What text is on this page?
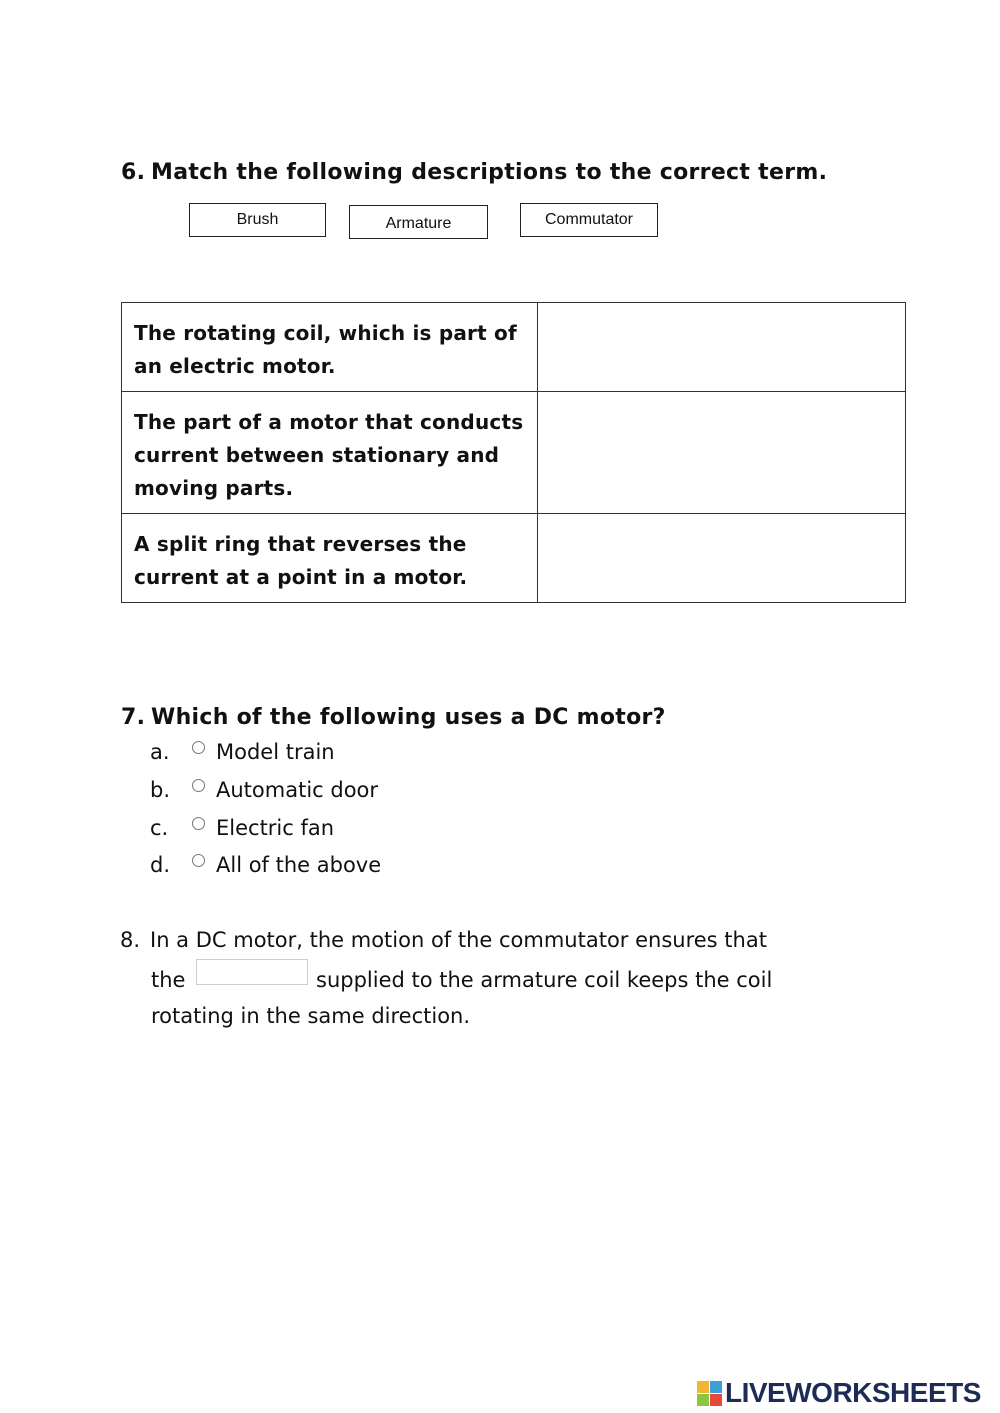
6. Match the following descriptions to the correct term.
Brush	Armature	Commutator
The rotating coil, which is part of an electric motor.	
The part of a motor that conducts current between stationary and moving parts.	
A split ring that reverses the current at a point in a motor.	
7. Which of the following uses a DC motor?
a. Model train
b. Automatic door
c. Electric fan
d. All of the above
8. In a DC motor, the motion of the commutator ensures that
the	supplied to the armature coil keeps the coil
rotating in the same direction.
LIVEWORKSHEETS
